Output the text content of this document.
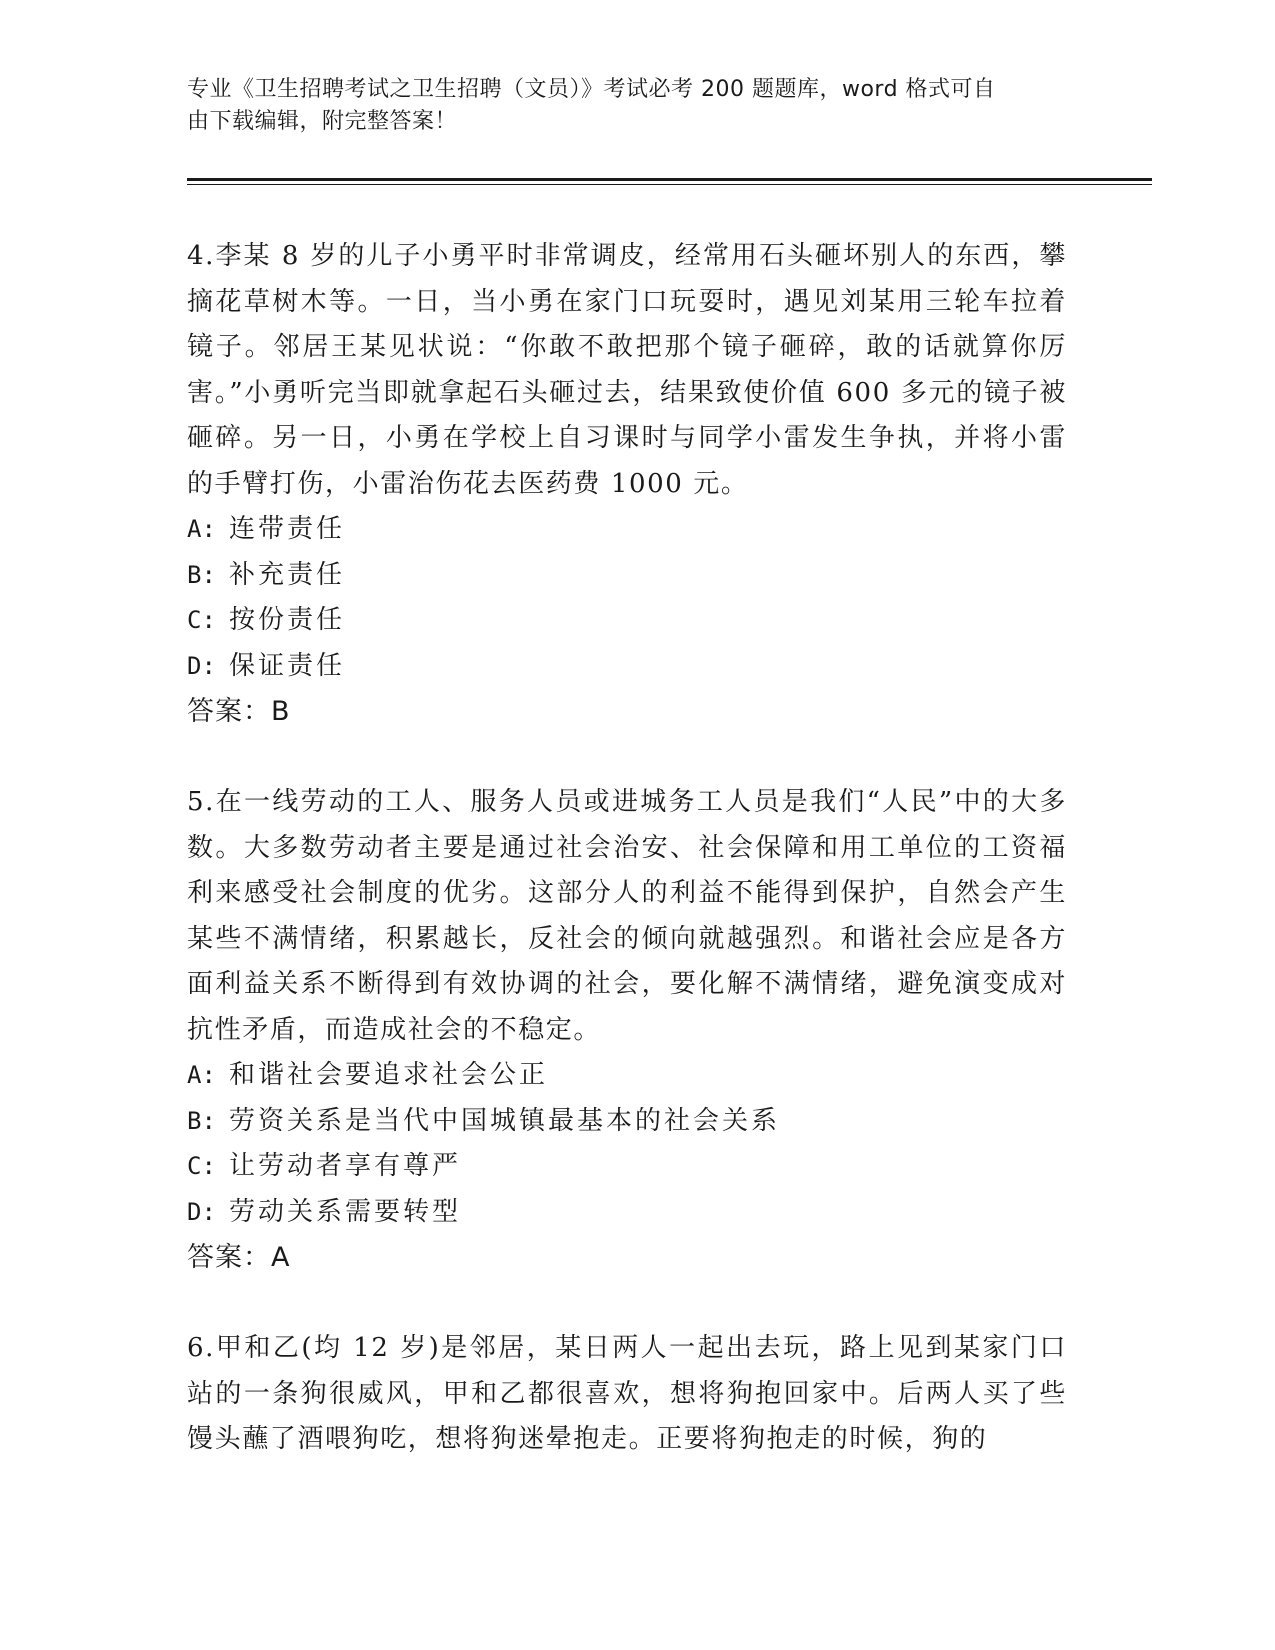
专业《卫生招聘考试之卫生招聘（文员）》考试必考 200 题题库，word 格式可自
由下载编辑，附完整答案！
4.李某 8 岁的儿子小勇平时非常调皮，经常用石头砸坏别人的东西，攀摘花草树木等。一日，当小勇在家门口玩耍时，遇见刘某用三轮车拉着镜子。邻居王某见状说：“你敢不敢把那个镜子砸碎，敢的话就算你厉害。”小勇听完当即就拿起石头砸过去，结果致使价值 600 多元的镜子被砸碎。另一日，小勇在学校上自习课时与同学小雷发生争执，并将小雷的手臂打伤，小雷治伤花去医药费 1000 元。
A: 连带责任
B: 补充责任
C: 按份责任
D: 保证责任
答案：B
5.在一线劳动的工人、服务人员或进城务工人员是我们“人民”中的大多数。大多数劳动者主要是通过社会治安、社会保障和用工单位的工资福利来感受社会制度的优劣。这部分人的利益不能得到保护，自然会产生某些不满情绪，积累越长，反社会的倾向就越强烈。和谐社会应是各方面利益关系不断得到有效协调的社会，要化解不满情绪，避免演变成对抗性矛盾，而造成社会的不稳定。
A: 和谐社会要追求社会公正
B: 劳资关系是当代中国城镇最基本的社会关系
C: 让劳动者享有尊严
D: 劳动关系需要转型
答案：A
6.甲和乙(均 12 岁)是邻居，某日两人一起出去玩，路上见到某家门口站的一条狗很威风，甲和乙都很喜欢，想将狗抱回家中。后两人买了些馒头蘸了酒喂狗吃，想将狗迷晕抱走。正要将狗抱走的时候，狗的
